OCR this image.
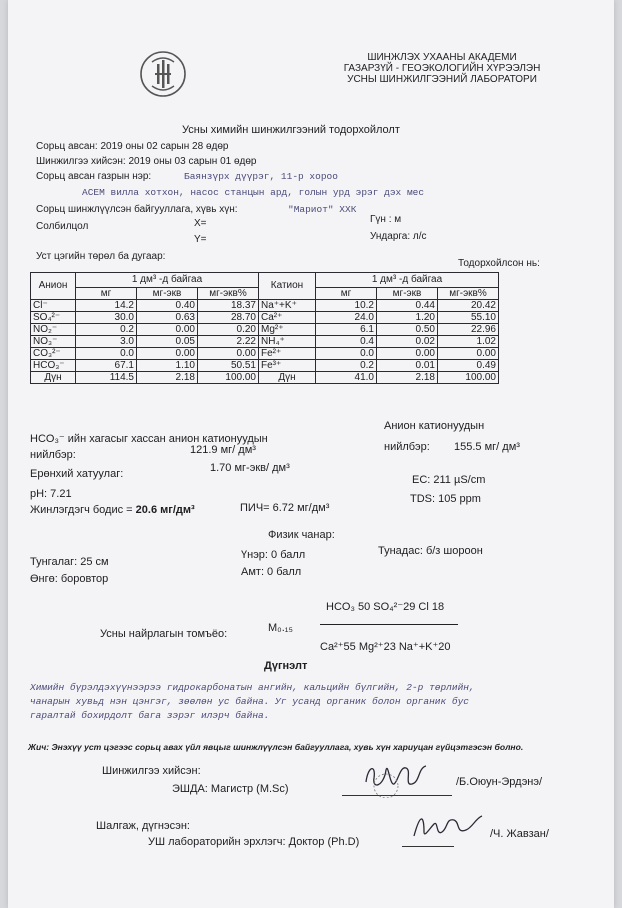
ШИНЖЛЭХ УХААНЫ АКАДЕМИ
ГАЗАРЗҮЙ - ГЕОЭКОЛОГИЙН ХҮРЭЭЛЭН
УСНЫ ШИНЖИЛГЭЭНИЙ ЛАБОРАТОРИ
Усны химийн шинжилгээний тодорхойлолт
Сорьц авсан: 2019 оны 02 сарын 28 өдөр
Шинжилгээ хийсэн: 2019 оны 03 сарын 01 өдөр
Сорьц авсан газрын нэр:	Баянзүрх дүүрэг, 11-р хороо
АСЕМ вилла хотхон, насос станцын ард, голын урд эрэг дэх мес
Сорьц шинжлүүлсэн байгууллага, хүвь хүн:	"Мариот" ХХК
Солбилцол	X=
Y=
Гүн : м
Ундарга: л/с
Уст цэгийн төрөл ба дугаар:
Тодорхойлсон нь:
Анион	1 дм³ -д байгаа			Катион	1 дм³ -д байгаа		
	мг	мг-экв	мг-экв%		мг	мг-экв	мг-экв%
Cl⁻	14.2	0.40	18.37	Na⁺+K⁺	10.2	0.44	20.42
SO₄²⁻	30.0	0.63	28.70	Ca²⁺	24.0	1.20	55.10
NO₂⁻	0.2	0.00	0.20	Mg²⁺	6.1	0.50	22.96
NO₃⁻	3.0	0.05	2.22	NH₄⁺	0.4	0.02	1.02
CO₃²⁻	0.0	0.00	0.00	Fe²⁺	0.0	0.00	0.00
HCO₃⁻	67.1	1.10	50.51	Fe³⁺	0.2	0.01	0.49
Дүн	114.5	2.18	100.00	Дүн	41.0	2.18	100.00
HCO₃⁻ ийн хагасыг хассан анион катионуудын
нийлбэр:	121.9 мг/ дм³
Анион катионуудын
нийлбэр: 155.5 мг/ дм³
Ерөнхий хатуулаг:	1.70 мг-экв/ дм³
EC: 211 µS/cm
pH: 7.21	TDS: 105 ppm
Жинлэгдэгч бодис = 20.6 мг/дм³	ПИЧ= 6.72 мг/дм³
Физик чанар:
Тунгалаг: 25 см
Үнэр: 0 балл	Тунадас: б/з шороон
Өнгө: боровтор
Амт: 0 балл
HCO₃ 50 SO₄²⁻29 Cl 18
Усны найрлагын томъёо:	M₀.₁₅
Ca²⁺55 Mg²⁺23 Na⁺+K⁺20
Дүгнэлт
Химийн бүрэлдэхүүнээрээ гидрокарбонатын ангийн, кальцийн бүлгийн, 2-р төрлийн,
чанарын хувьд нэн цэнгэг, зөөлөн ус байна. Уг усанд органик болон органик бус
гаралтай бохирдолт бага зэрэг илэрч байна.
Жич: Энэхүү уст цэгээс сорьц авах үйл явцыг шинжлүүлсэн байгууллага, хувь хүн хариуцан гүйцэтгэсэн болно.
Шинжилгээ хийсэн:
ЭШДА: Магистр (M.Sc)
/Б.Оюун-Эрдэнэ/
Шалгаж, дүгнэсэн:
УШ лабораторийн эрхлэгч: Доктор (Ph.D)
/Ч. Жавзан/
